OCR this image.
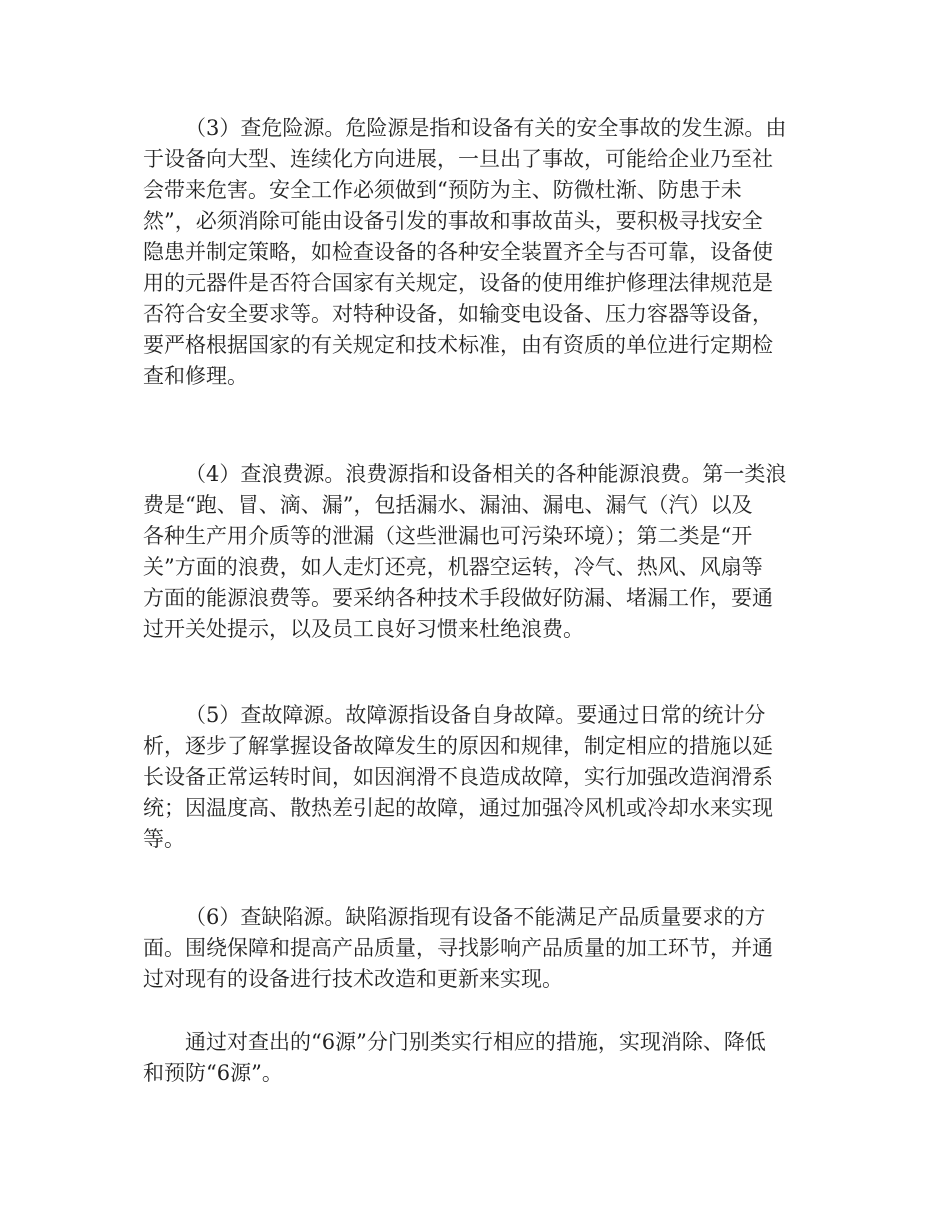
（3）查危险源。危险源是指和设备有关的安全事故的发生源。由
于设备向大型、连续化方向进展，一旦出了事故，可能给企业乃至社
会带来危害。安全工作必须做到“预防为主、防微杜渐、防患于未
然”，必须消除可能由设备引发的事故和事故苗头，要积极寻找安全
隐患并制定策略，如检查设备的各种安全装置齐全与否可靠，设备使
用的元器件是否符合国家有关规定，设备的使用维护修理法律规范是
否符合安全要求等。对特种设备，如输变电设备、压力容器等设备，
要严格根据国家的有关规定和技术标准，由有资质的单位进行定期检
查和修理。
（4）查浪费源。浪费源指和设备相关的各种能源浪费。第一类浪
费是“跑、冒、滴、漏”，包括漏水、漏油、漏电、漏气（汽）以及
各种生产用介质等的泄漏（这些泄漏也可污染环境）；第二类是“开
关”方面的浪费，如人走灯还亮，机器空运转，冷气、热风、风扇等
方面的能源浪费等。要采纳各种技术手段做好防漏、堵漏工作，要通
过开关处提示，以及员工良好习惯来杜绝浪费。
（5）查故障源。故障源指设备自身故障。要通过日常的统计分
析，逐步了解掌握设备故障发生的原因和规律，制定相应的措施以延
长设备正常运转时间，如因润滑不良造成故障，实行加强改造润滑系
统；因温度高、散热差引起的故障，通过加强冷风机或冷却水来实现
等。
（6）查缺陷源。缺陷源指现有设备不能满足产品质量要求的方
面。围绕保障和提高产品质量，寻找影响产品质量的加工环节，并通
过对现有的设备进行技术改造和更新来实现。
通过对查出的“6源”分门别类实行相应的措施，实现消除、降低
和预防“6源”。
